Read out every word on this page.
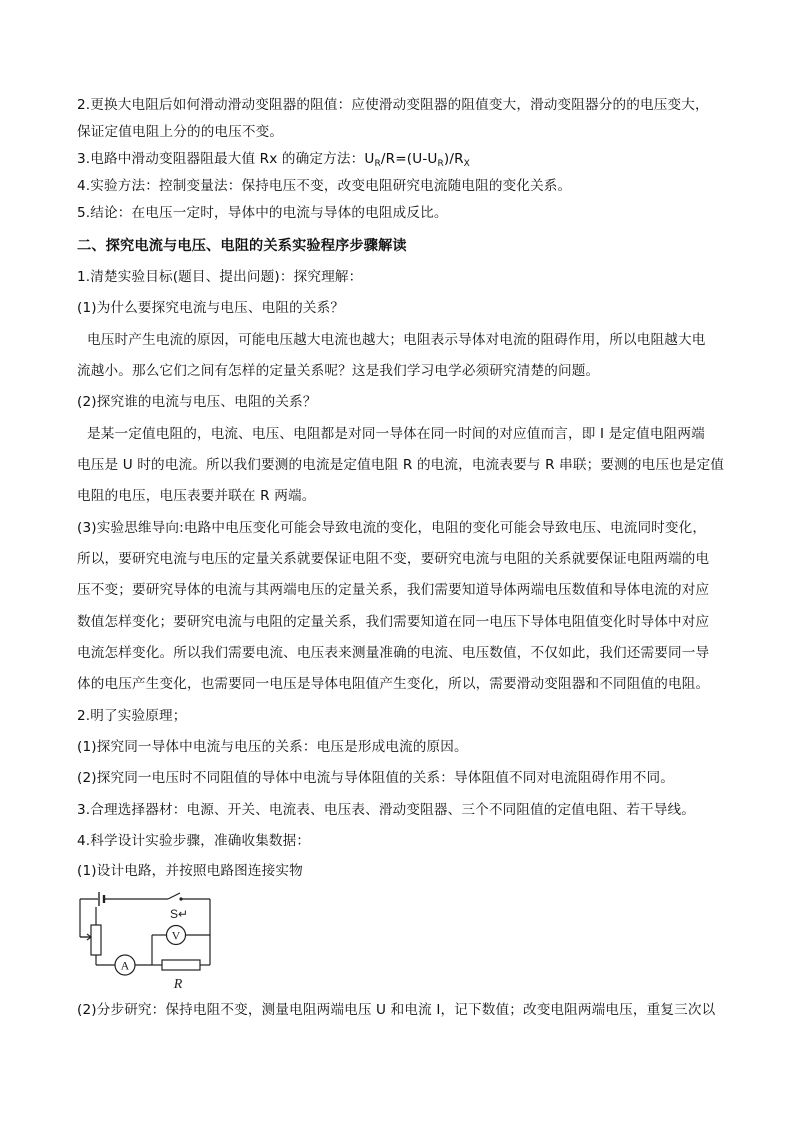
2.更换大电阻后如何滑动滑动变阻器的阻值：应使滑动变阻器的阻值变大，滑动变阻器分的的电压变大，
保证定值电阻上分的的电压不变。
3.电路中滑动变阻器阻最大值 Rx 的确定方法：$U_R/R=(U-U_R)/R_X$
4.实验方法：控制变量法：保持电压不变，改变电阻研究电流随电阻的变化关系。
5.结论：在电压一定时，导体中的电流与导体的电阻成反比。
二、探究电流与电压、电阻的关系实验程序步骤解读
1.清楚实验目标(题目、提出问题)：探究理解：
(1)为什么要探究电流与电压、电阻的关系？
电压时产生电流的原因，可能电压越大电流也越大；电阻表示导体对电流的阻碍作用，所以电阻越大电
流越小。那么它们之间有怎样的定量关系呢？这是我们学习电学必须研究清楚的问题。
(2)探究谁的电流与电压、电阻的关系？
是某一定值电阻的，电流、电压、电阻都是对同一导体在同一时间的对应值而言，即 I 是定值电阻两端
电压是 U 时的电流。所以我们要测的电流是定值电阻 R 的电流，电流表要与 R 串联；要测的电压也是定值
电阻的电压，电压表要并联在 R 两端。
(3)实验思维导向:电路中电压变化可能会导致电流的变化，电阻的变化可能会导致电压、电流同时变化，
所以，要研究电流与电压的定量关系就要保证电阻不变，要研究电流与电阻的关系就要保证电阻两端的电
压不变；要研究导体的电流与其两端电压的定量关系，我们需要知道导体两端电压数值和导体电流的对应
数值怎样变化；要研究电流与电阻的定量关系，我们需要知道在同一电压下导体电阻值变化时导体中对应
电流怎样变化。所以我们需要电流、电压表来测量准确的电流、电压数值，不仅如此，我们还需要同一导
体的电压产生变化，也需要同一电压是导体电阻值产生变化，所以，需要滑动变阻器和不同阻值的电阻。
2.明了实验原理；
(1)探究同一导体中电流与电压的关系：电压是形成电流的原因。
(2)探究同一电压时不同阻值的导体中电流与导体阻值的关系：导体阻值不同对电流阻碍作用不同。
3.合理选择器材：电源、开关、电流表、电压表、滑动变阻器、三个不同阻值的定值电阻、若干导线。
4.科学设计实验步骤，准确收集数据：
(1)设计电路，并按照电路图连接实物
A
V
R
S↵
(2)分步研究：保持电阻不变，测量电阻两端电压 U 和电流 I，记下数值；改变电阻两端电压，重复三次以
